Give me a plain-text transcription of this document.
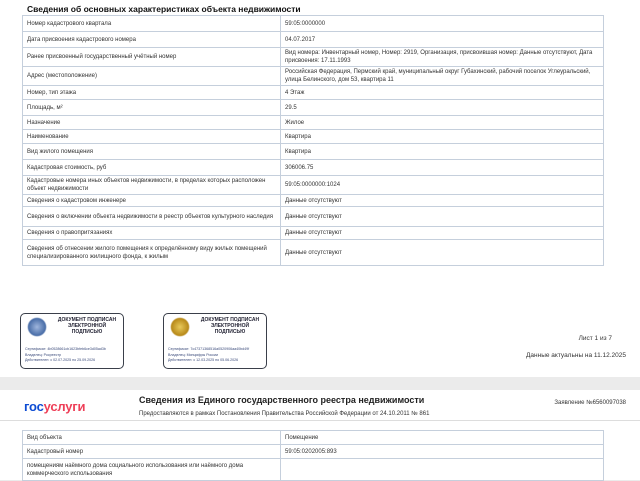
Сведения об основных характеристиках объекта недвижимости
Номер кадастрового квартала	59:05:0000000
Дата присвоения кадастрового номера	04.07.2017
Ранее присвоенный государственный учётный номер	Вид номера: Инвентарный номер, Номер: 2919, Организация, присвоившая номер: Данные отсутствуют, Дата присвоения: 17.11.1993
Адрес (местоположение)	Российская Федерация, Пермский край, муниципальный округ Губахинский, рабочий поселок Углеуральский, улица Белинского, дом 53, квартира 11
Номер, тип этажа	4 Этаж
Площадь, м²	29.5
Назначение	Жилое
Наименование	Квартира
Вид жилого помещения	Квартира
Кадастровая стоимость, руб	306006.75
Кадастровые номера иных объектов недвижимости, в пределах которых расположен объект недвижимости	59:05:0000000:1024
Сведения о кадастровом инженере	Данные отсутствуют
Сведения о включении объекта недвижимости в реестр объектов культурного наследия	Данные отсутствуют
Сведения о правопритязаниях	Данные отсутствуют
Сведения об отнесении жилого помещения к определённому виду жилых помещений специализированного жилищного фонда, к жилым	Данные отсутствуют
ДОКУМЕНТ ПОДПИСАН ЭЛЕКТРОННОЙ ПОДПИСЬЮ
Сертификат: 4b0528661cb1623bfeb6ce3d05ad3b
Владелец: Росреестр
Действителен: с 02.07.2025 по 25.09.2026
ДОКУМЕНТ ПОДПИСАН ЭЛЕКТРОННОЙ ПОДПИСЬЮ
Сертификат: 7c47371368516a0520906aa40bd49f
Владелец: Минцифры России
Действителен: с 12.03.2025 по 05.06.2026
Лист 1 из 7
Данные актуальны на 11.12.2025
госуслуги	Сведения из Единого государственного реестра недвижимости
Предоставляются в рамках Постановления Правительства Российской Федерации от 24.10.2011 № 861
Заявление №6560097038
Вид объекта	Помещение
Кадастровый номер	59:05:0202005:893
помещениям наёмного дома социального использования или наёмного дома коммерческого использования	
